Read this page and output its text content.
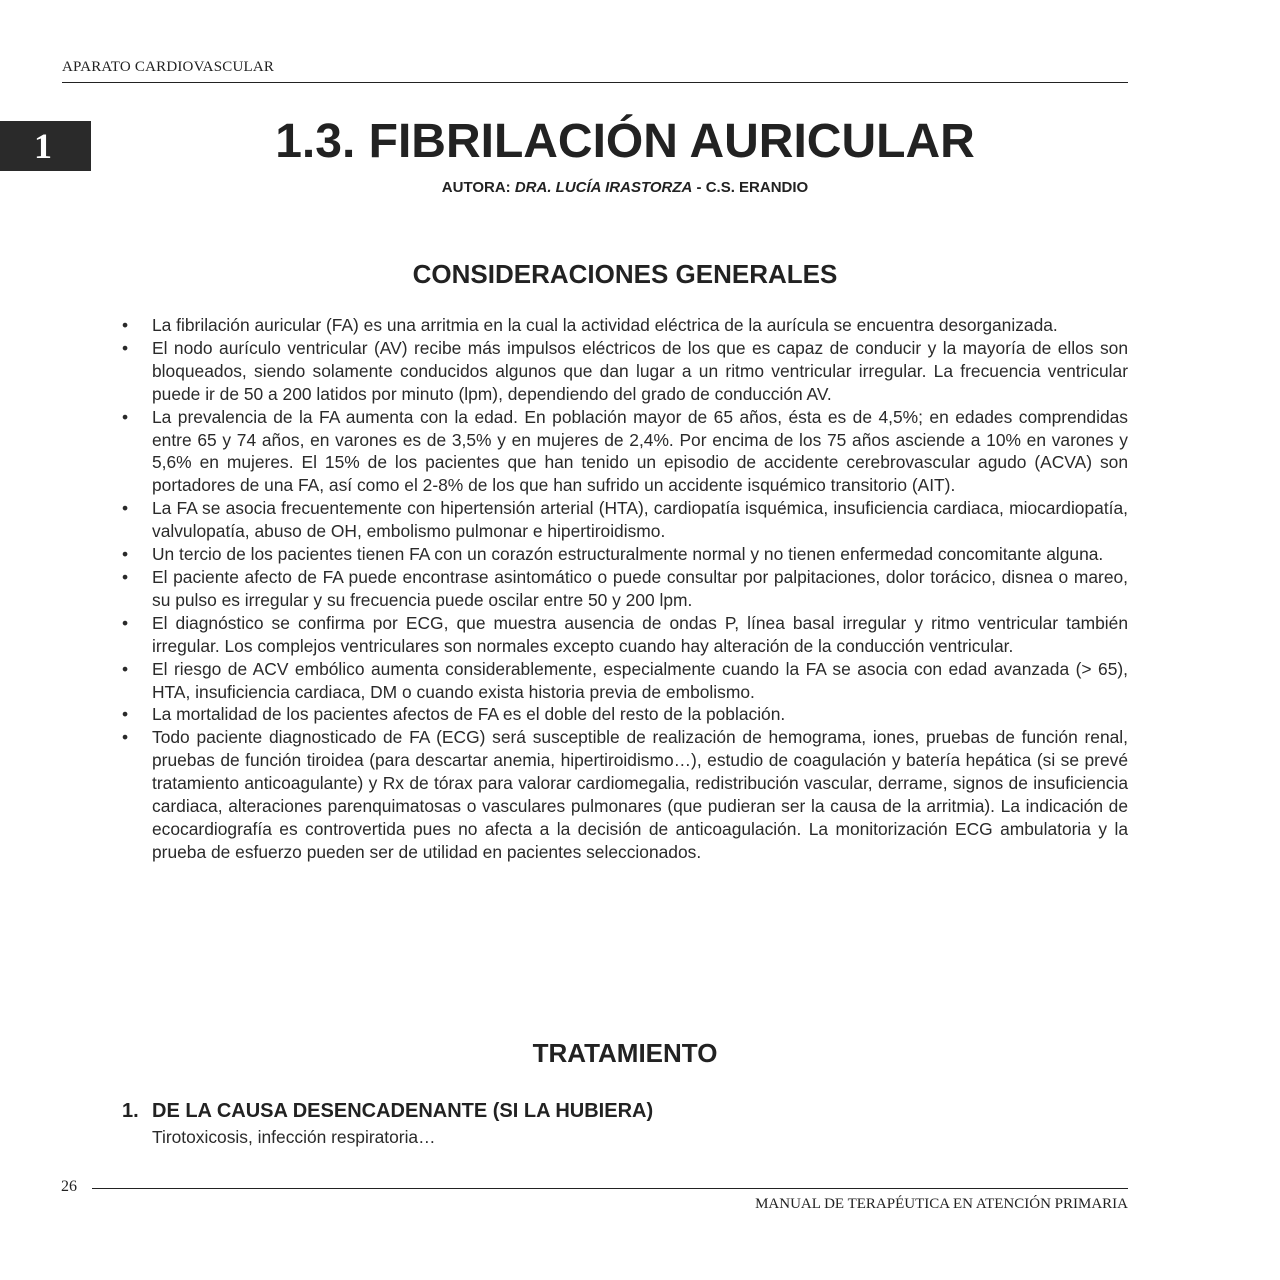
APARATO CARDIOVASCULAR
1	1.3. FIBRILACIÓN AURICULAR
AUTORA: DRA. LUCÍA IRASTORZA - C.S. ERANDIO
CONSIDERACIONES GENERALES
• La fibrilación auricular (FA) es una arritmia en la cual la actividad eléctrica de la aurícula se encuentra desorganizada.
• El nodo aurículo ventricular (AV) recibe más impulsos eléctricos de los que es capaz de conducir y la mayoría de ellos son bloqueados, siendo solamente conducidos algunos que dan lugar a un ritmo ventricular irregular. La frecuencia ventricular puede ir de 50 a 200 latidos por minuto (lpm), dependiendo del grado de conducción AV.
• La prevalencia de la FA aumenta con la edad. En población mayor de 65 años, ésta es de 4,5%; en edades comprendidas entre 65 y 74 años, en varones es de 3,5% y en mujeres de 2,4%. Por encima de los 75 años asciende a 10% en varones y 5,6% en mujeres. El 15% de los pacientes que han tenido un episodio de accidente cerebrovascular agudo (ACVA) son portadores de una FA, así como el 2-8% de los que han sufrido un accidente isquémico transitorio (AIT).
• La FA se asocia frecuentemente con hipertensión arterial (HTA), cardiopatía isquémica, insuficiencia cardiaca, miocardiopatía, valvulopatía, abuso de OH, embolismo pulmonar e hipertiroidismo.
• Un tercio de los pacientes tienen FA con un corazón estructuralmente normal y no tienen enfermedad concomitante alguna.
• El paciente afecto de FA puede encontrase asintomático o puede consultar por palpitaciones, dolor torácico, disnea o mareo, su pulso es irregular y su frecuencia puede oscilar entre 50 y 200 lpm.
• El diagnóstico se confirma por ECG, que muestra ausencia de ondas P, línea basal irregular y ritmo ventricular también irregular. Los complejos ventriculares son normales excepto cuando hay alteración de la conducción ventricular.
• El riesgo de ACV embólico aumenta considerablemente, especialmente cuando la FA se asocia con edad avanzada (> 65), HTA, insuficiencia cardiaca, DM o cuando exista historia previa de embolismo.
• La mortalidad de los pacientes afectos de FA es el doble del resto de la población.
• Todo paciente diagnosticado de FA (ECG) será susceptible de realización de hemograma, iones, pruebas de función renal, pruebas de función tiroidea (para descartar anemia, hipertiroidismo…), estudio de coagulación y batería hepática (si se prevé tratamiento anticoagulante) y Rx de tórax para valorar cardiomegalia, redistribución vascular, derrame, signos de insuficiencia cardiaca, alteraciones parenquimatosas o vasculares pulmonares (que pudieran ser la causa de la arritmia). La indicación de ecocardiografía es controvertida pues no afecta a la decisión de anticoagulación. La monitorización ECG ambulatoria y la prueba de esfuerzo pueden ser de utilidad en pacientes seleccionados.
TRATAMIENTO
1. DE LA CAUSA DESENCADENANTE (SI LA HUBIERA)
Tirotoxicosis, infección respiratoria…
26
MANUAL DE TERAPÉUTICA EN ATENCIÓN PRIMARIA
